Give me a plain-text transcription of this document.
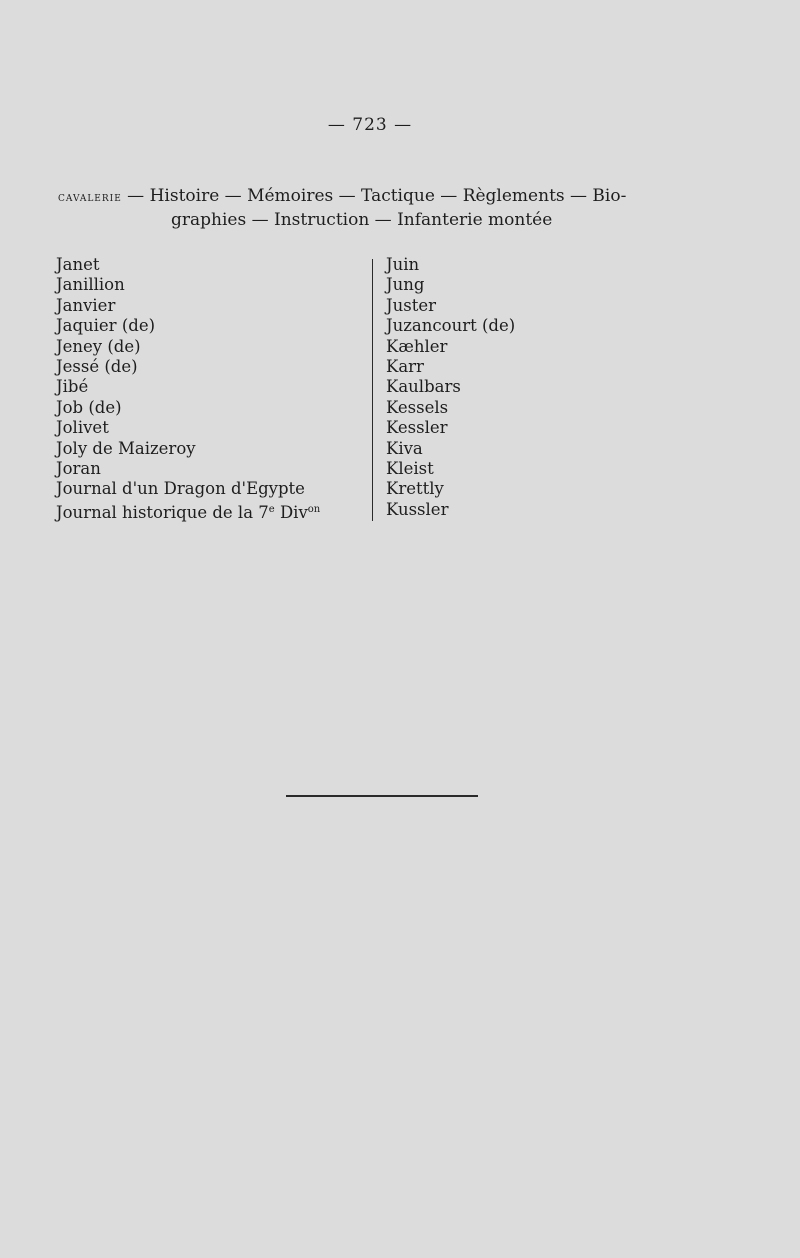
— 723 —
cavalerie — Histoire — Mémoires — Tactique — Règlements — Bio-
graphies — Instruction — Infanterie montée
Janet
Janillion
Janvier
Jaquier (de)
Jeney (de)
Jessé (de)
Jibé
Job (de)
Jolivet
Joly de Maizeroy
Joran
Journal d'un Dragon d'Egypte
Journal historique de la 7e Div$^{on}$
Juin
Jung
Juster
Juzancourt (de)
Kæhler
Karr
Kaulbars
Kessels
Kessler
Kiva
Kleist
Krettly
Kussler
